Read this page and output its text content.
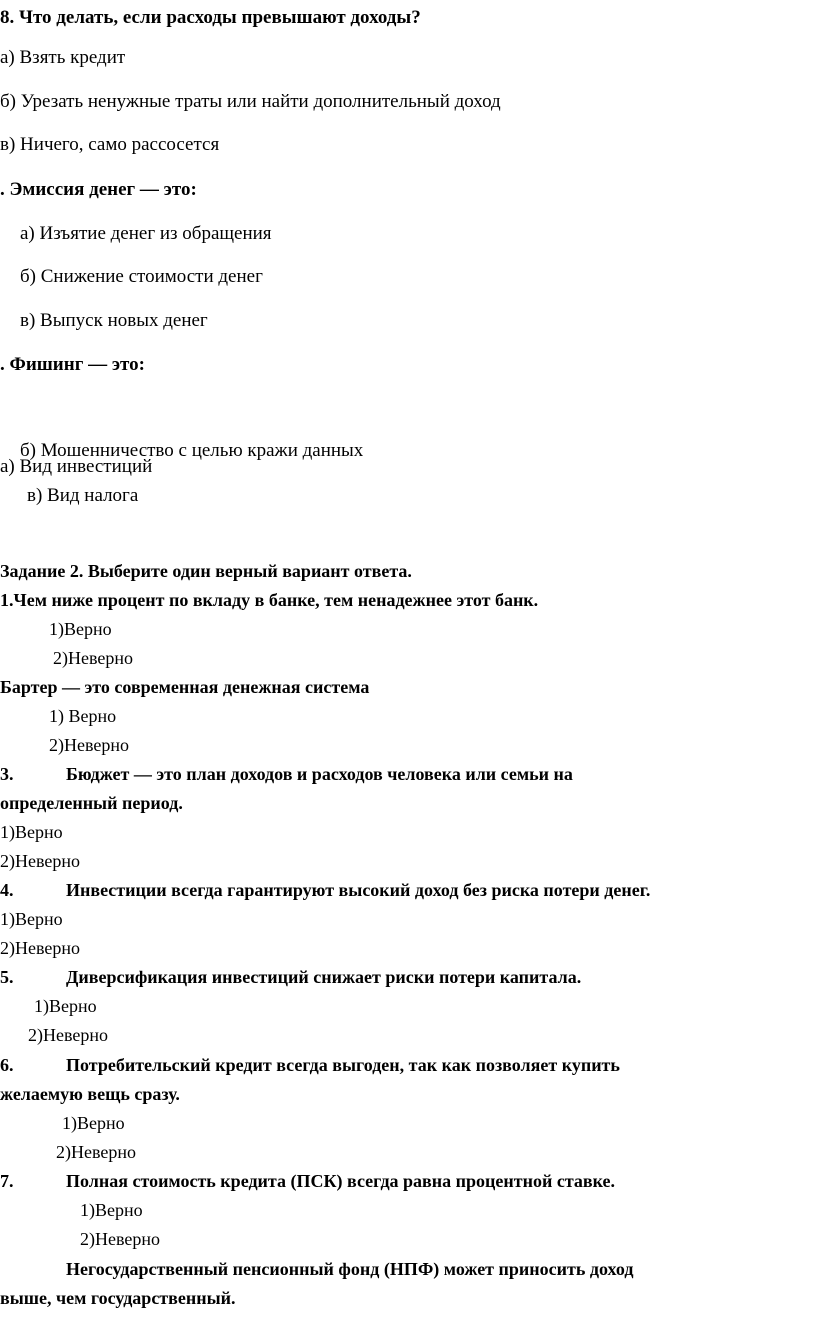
8. Что делать, если расходы превышают доходы?
а) Взять кредит
б) Урезать ненужные траты или найти дополнительный доход
в) Ничего, само рассосется
. Эмиссия денег — это:
а) Изъятие денег из обращения
б) Снижение стоимости денег
в) Выпуск новых денег
. Фишинг — это:
б) Мошенничество с целью кражи данных
а) Вид инвестиций
в) Вид налога
Задание 2. Выберите один верный вариант ответа.
1.Чем ниже процент по вкладу в банке, тем ненадежнее этот банк.
1)Верно
2)Неверно
Бартер — это современная денежная система
1) Верно
2)Неверно
3.	Бюджет — это план доходов и расходов человека или семьи на
определенный период.
1)Верно
2)Неверно
4.	Инвестиции всегда гарантируют высокий доход без риска потери денег.
1)Верно
2)Неверно
5.	Диверсификация инвестиций снижает риски потери капитала.
1)Верно
2)Неверно
6.	Потребительский кредит всегда выгоден, так как позволяет купить
желаемую вещь сразу.
1)Верно
2)Неверно
7.	Полная стоимость кредита (ПСК) всегда равна процентной ставке.
1)Верно
2)Неверно
Негосударственный пенсионный фонд (НПФ) может приносить доход
выше, чем государственный.
